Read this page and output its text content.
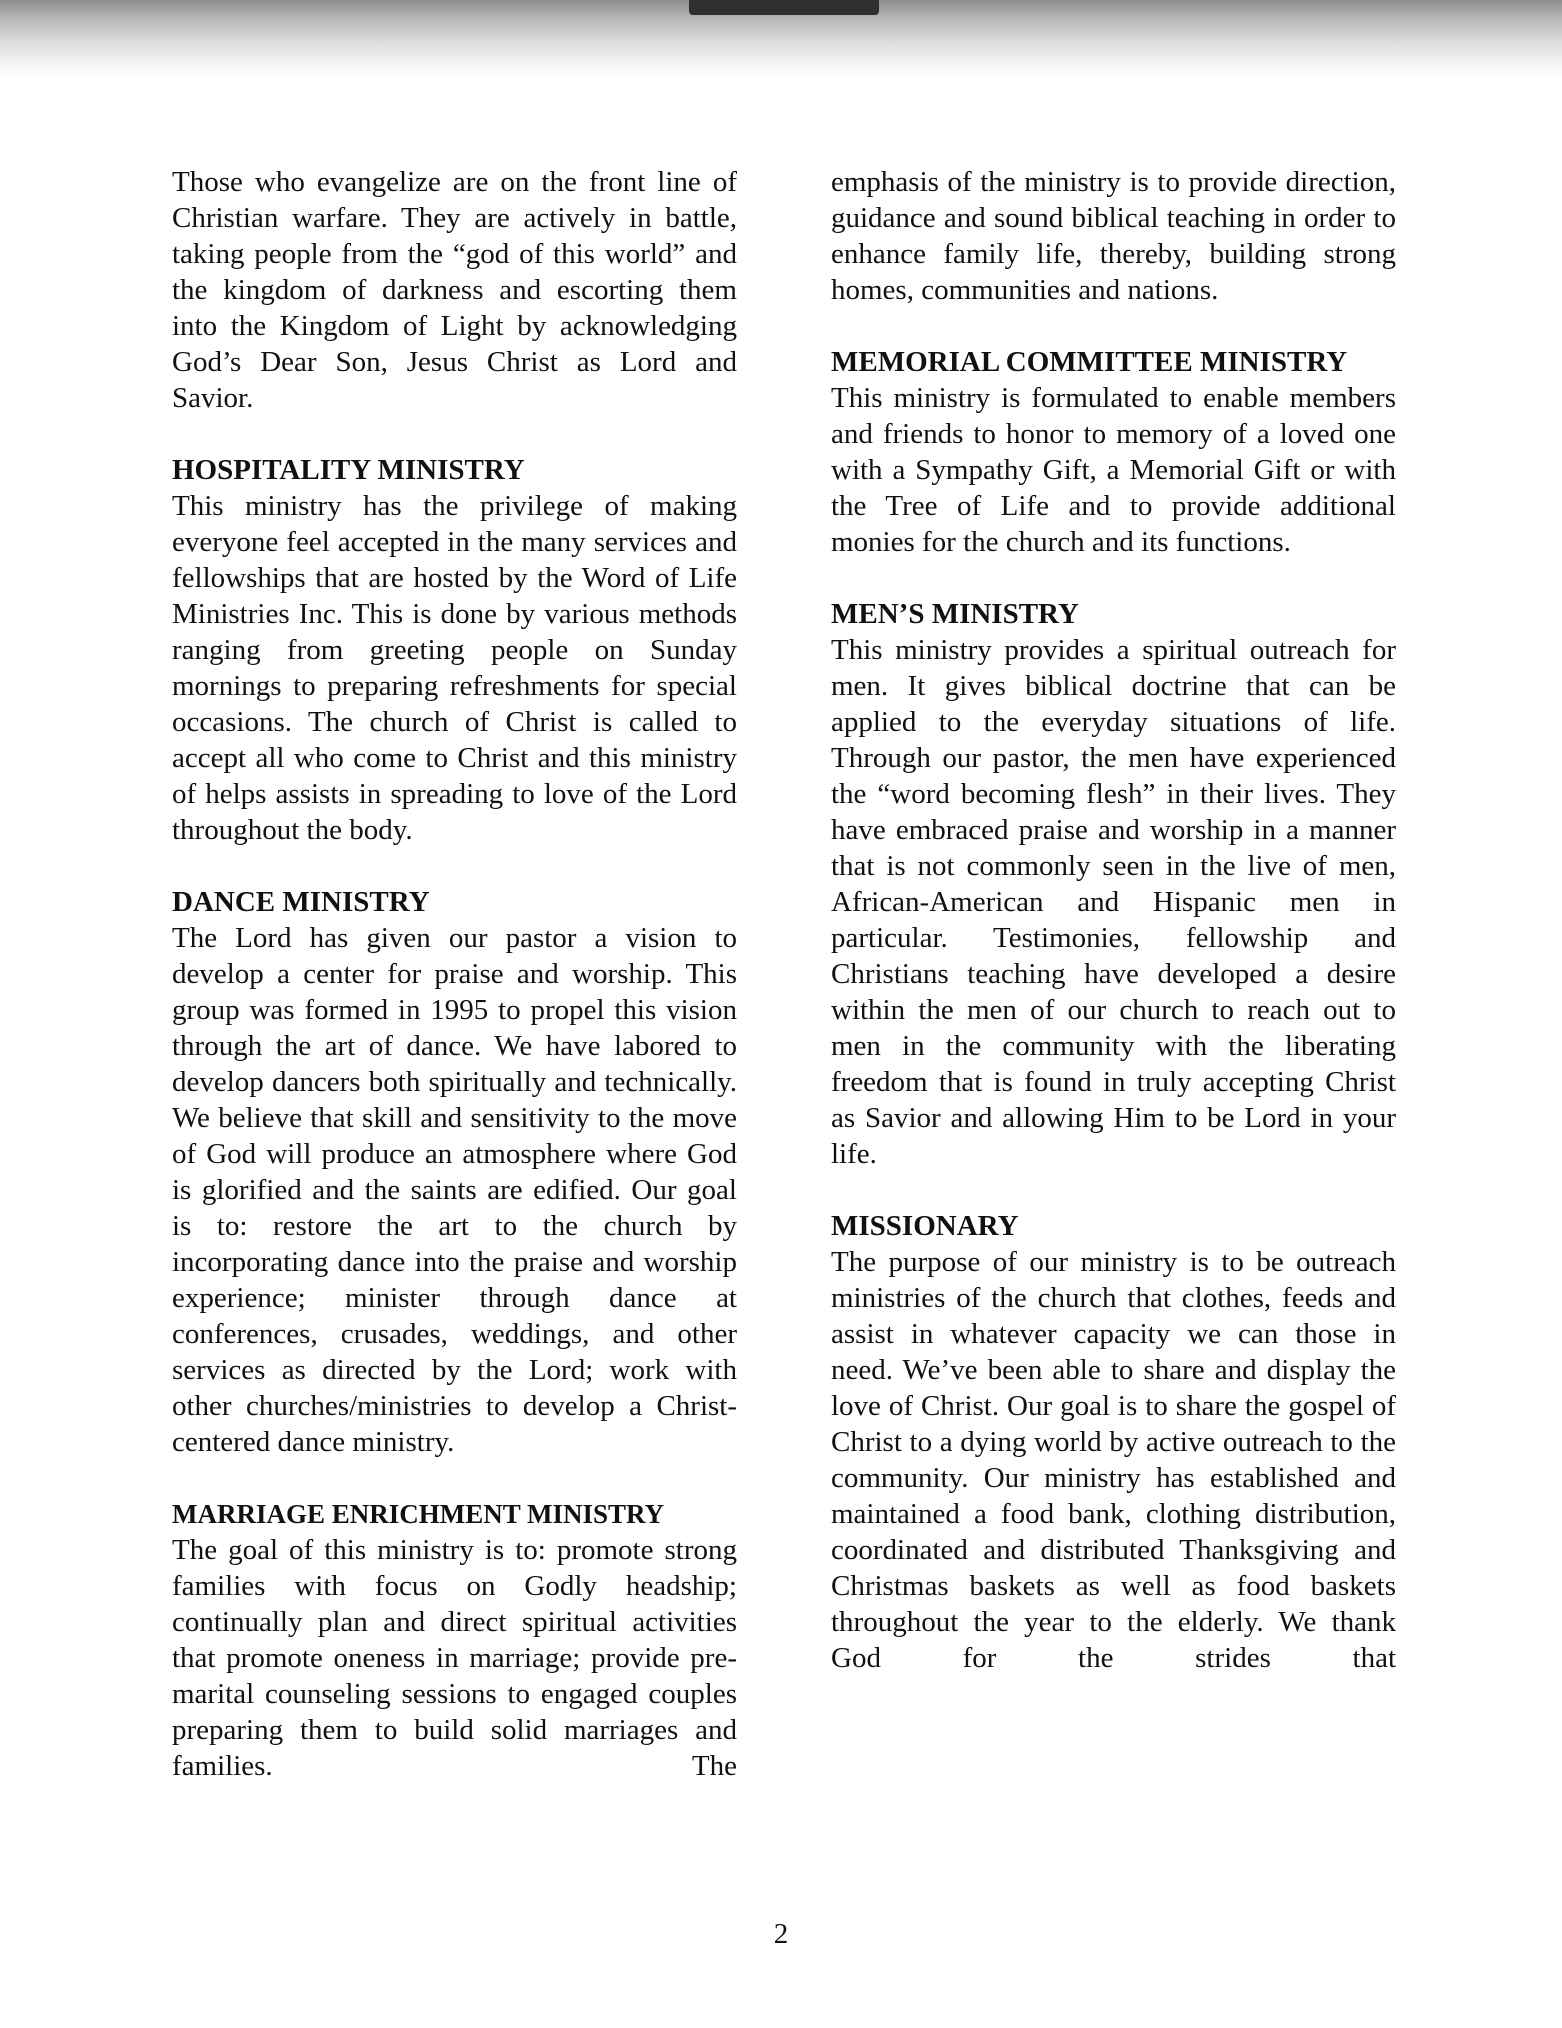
Those who evangelize are on the front line of Christian warfare. They are actively in battle, taking people from the “god of this world” and the kingdom of darkness and escorting them into the Kingdom of Light by acknowledging God’s Dear Son, Jesus Christ as Lord and Savior.

HOSPITALITY MINISTRY

This ministry has the privilege of making everyone feel accepted in the many services and fellowships that are hosted by the Word of Life Ministries Inc. This is done by various methods ranging from greeting people on Sunday mornings to preparing refreshments for special occasions. The church of Christ is called to accept all who come to Christ and this ministry of helps assists in spreading to love of the Lord throughout the body.

DANCE MINISTRY

The Lord has given our pastor a vision to develop a center for praise and worship. This group was formed in 1995 to propel this vision through the art of dance. We have labored to develop dancers both spiritually and technically. We believe that skill and sensitivity to the move of God will produce an atmosphere where God is glorified and the saints are edified. Our goal is to: restore the art to the church by incorporating dance into the praise and worship experience; minister through dance at conferences, crusades, weddings, and other services as directed by the Lord; work with other churches/ministries to develop a Christ-centered dance ministry.

MARRIAGE ENRICHMENT MINISTRY

The goal of this ministry is to: promote strong families with focus on Godly headship; continually plan and direct spiritual activities that promote oneness in marriage; provide pre-marital counseling sessions to engaged couples preparing them to build solid marriages and families. The

emphasis of the ministry is to provide direction, guidance and sound biblical teaching in order to enhance family life, thereby, building strong homes, communities and nations.

MEMORIAL COMMITTEE MINISTRY

This ministry is formulated to enable members and friends to honor to memory of a loved one with a Sympathy Gift, a Memorial Gift or with the Tree of Life and to provide additional monies for the church and its functions.

MEN’S MINISTRY

This ministry provides a spiritual outreach for men. It gives biblical doctrine that can be applied to the everyday situations of life. Through our pastor, the men have experienced the “word becoming flesh” in their lives. They have embraced praise and worship in a manner that is not commonly seen in the live of men, African-American and Hispanic men in particular. Testimonies, fellowship and Christians teaching have developed a desire within the men of our church to reach out to men in the community with the liberating freedom that is found in truly accepting Christ as Savior and allowing Him to be Lord in your life.

MISSIONARY

The purpose of our ministry is to be outreach ministries of the church that clothes, feeds and assist in whatever capacity we can those in need. We’ve been able to share and display the love of Christ. Our goal is to share the gospel of Christ to a dying world by active outreach to the community. Our ministry has established and maintained a food bank, clothing distribution, coordinated and distributed Thanksgiving and Christmas baskets as well as food baskets throughout the year to the elderly. We thank God for the strides that

2
